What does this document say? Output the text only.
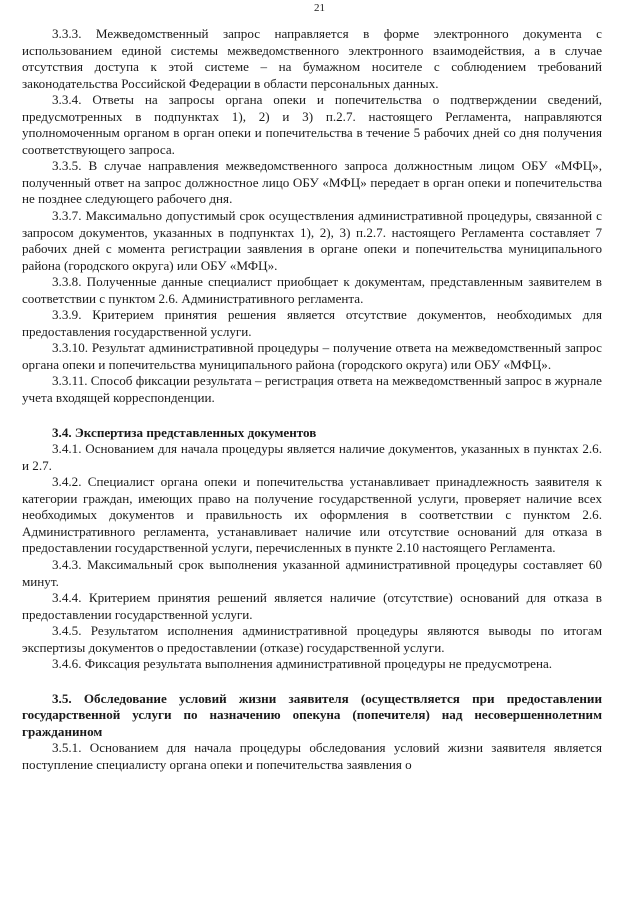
21

3.3.3. Межведомственный запрос направляется в форме электронного документа с использованием единой системы межведомственного электронного взаимодействия, а в случае отсутствия доступа к этой системе – на бумажном носителе с соблюдением требований законодательства Российской Федерации в области персональных данных.

3.3.4. Ответы на запросы органа опеки и попечительства о подтверждении сведений, предусмотренных в подпунктах 1), 2) и 3) п.2.7. настоящего Регламента, направляются уполномоченным органом в орган опеки и попечительства в течение 5 рабочих дней со дня получения соответствующего запроса.

3.3.5. В случае направления межведомственного запроса должностным лицом ОБУ «МФЦ», полученный ответ на запрос должностное лицо ОБУ «МФЦ» передает в орган опеки и попечительства не позднее следующего рабочего дня.

3.3.7. Максимально допустимый срок осуществления административной процедуры, связанной с запросом документов, указанных в подпунктах 1), 2), 3) п.2.7. настоящего Регламента составляет 7 рабочих дней с момента регистрации заявления в органе опеки и попечительства муниципального района (городского округа) или ОБУ «МФЦ».

3.3.8. Полученные данные специалист приобщает к документам, представленным заявителем в соответствии с пунктом 2.6. Административного регламента.

3.3.9. Критерием принятия решения является отсутствие документов, необходимых для предоставления государственной услуги.

3.3.10. Результат административной процедуры – получение ответа на межведомственный запрос органа опеки и попечительства муниципального района (городского округа) или ОБУ «МФЦ».

3.3.11. Способ фиксации результата – регистрация ответа на межведомственный запрос в журнале учета входящей корреспонденции.

3.4. Экспертиза представленных документов

3.4.1. Основанием для начала процедуры является наличие документов, указанных в пунктах 2.6. и 2.7.

3.4.2. Специалист органа опеки и попечительства устанавливает принадлежность заявителя к категории граждан, имеющих право на получение государственной услуги, проверяет наличие всех необходимых документов и правильность их оформления в соответствии с пунктом 2.6. Административного регламента, устанавливает наличие или отсутствие оснований для отказа в предоставлении государственной услуги, перечисленных в пункте 2.10 настоящего Регламента.

3.4.3. Максимальный срок выполнения указанной административной процедуры составляет 60 минут.

3.4.4. Критерием принятия решений является наличие (отсутствие) оснований для отказа в предоставлении государственной услуги.

3.4.5. Результатом исполнения административной процедуры являются выводы по итогам экспертизы документов о предоставлении (отказе) государственной услуги.

3.4.6. Фиксация результата выполнения административной процедуры не предусмотрена.

3.5. Обследование условий жизни заявителя (осуществляется при предоставлении государственной услуги по назначению опекуна (попечителя) над несовершеннолетним гражданином

3.5.1. Основанием для начала процедуры обследования условий жизни заявителя является поступление специалисту органа опеки и попечительства заявления о
